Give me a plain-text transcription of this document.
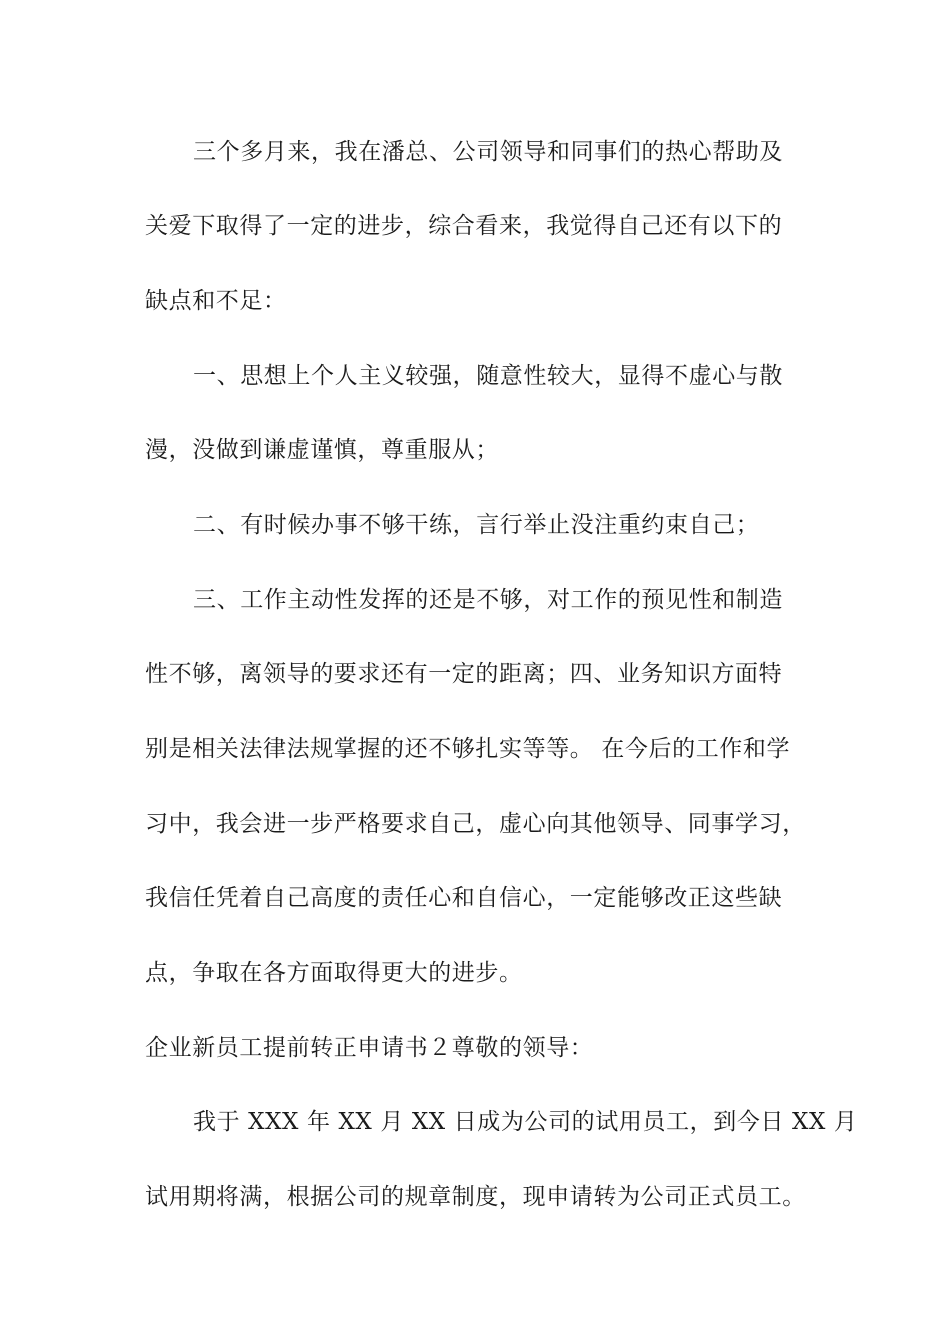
三个多月来，我在潘总、公司领导和同事们的热心帮助及
关爱下取得了一定的进步，综合看来，我觉得自己还有以下的
缺点和不足：
一、思想上个人主义较强，随意性较大，显得不虚心与散
漫，没做到谦虚谨慎，尊重服从；
二、有时候办事不够干练，言行举止没注重约束自己；
三、工作主动性发挥的还是不够，对工作的预见性和制造
性不够，离领导的要求还有一定的距离；四、业务知识方面特
别是相关法律法规掌握的还不够扎实等等。 在今后的工作和学
习中，我会进一步严格要求自己，虚心向其他领导、同事学习，
我信任凭着自己高度的责任心和自信心，一定能够改正这些缺
点，争取在各方面取得更大的进步。
企业新员工提前转正申请书２尊敬的领导：
我于 XXX 年 XX 月 XX 日成为公司的试用员工，到今日 XX 月
试用期将满，根据公司的规章制度，现申请转为公司正式员工。
